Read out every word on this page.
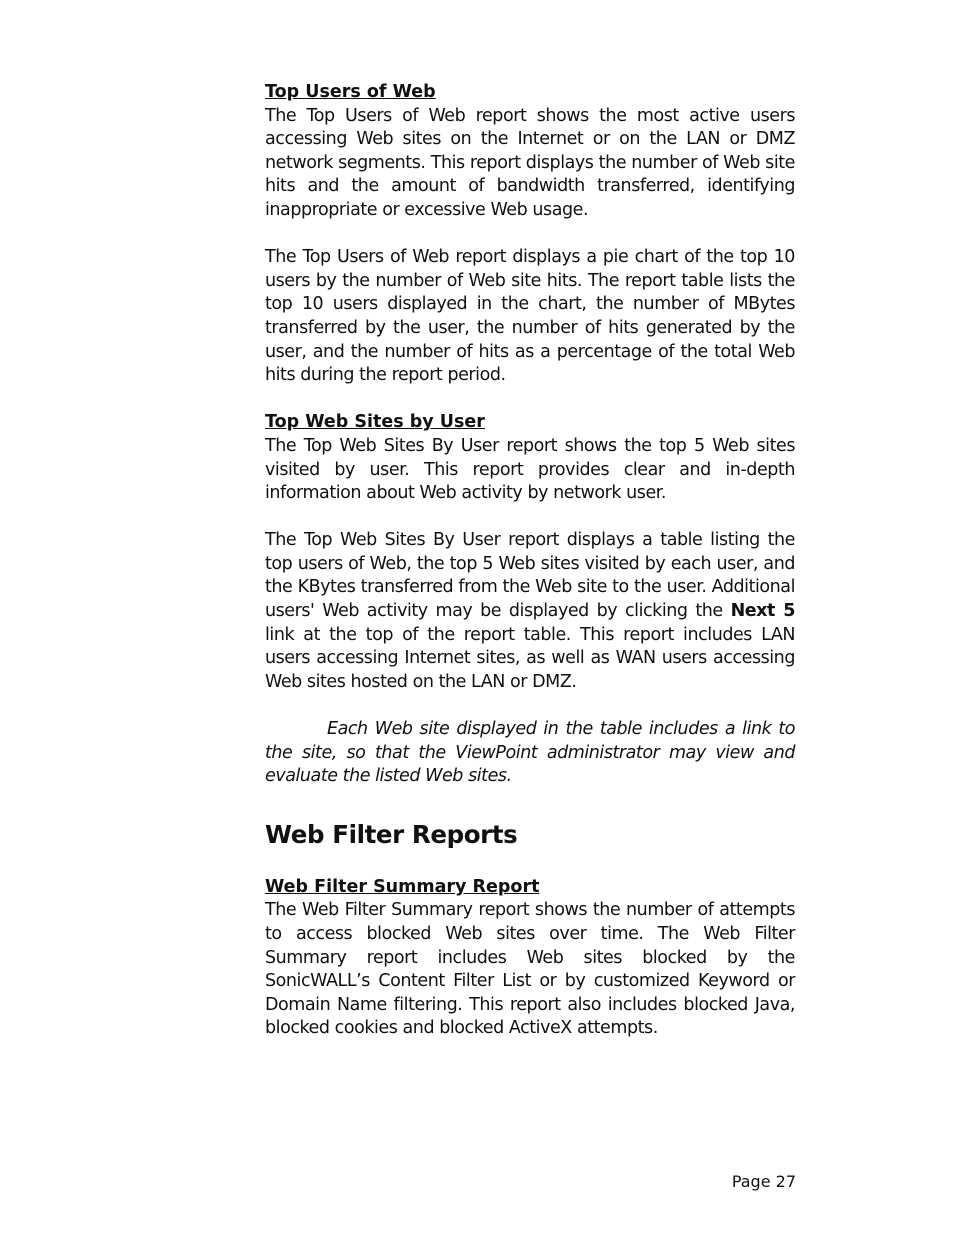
Top Users of Web

The Top Users of Web report shows the most active users accessing Web sites on the Internet or on the LAN or DMZ network segments. This report displays the number of Web site hits and the amount of bandwidth transferred, identifying inappropriate or excessive Web usage.

The Top Users of Web report displays a pie chart of the top 10 users by the number of Web site hits. The report table lists the top 10 users displayed in the chart, the number of MBytes transferred by the user, the number of hits generated by the user, and the number of hits as a percentage of the total Web hits during the report period.

Top Web Sites by User

The Top Web Sites By User report shows the top 5 Web sites visited by user. This report provides clear and in-depth information about Web activity by network user.

The Top Web Sites By User report displays a table listing the top users of Web, the top 5 Web sites visited by each user, and the KBytes transferred from the Web site to the user. Additional users' Web activity may be displayed by clicking the Next 5 link at the top of the report table. This report includes LAN users accessing Internet sites, as well as WAN users accessing Web sites hosted on the LAN or DMZ.

Each Web site displayed in the table includes a link to the site, so that the ViewPoint administrator may view and evaluate the listed Web sites.

Web Filter Reports

Web Filter Summary Report

The Web Filter Summary report shows the number of attempts to access blocked Web sites over time. The Web Filter Summary report includes Web sites blocked by the SonicWALL’s Content Filter List or by customized Keyword or Domain Name filtering. This report also includes blocked Java, blocked cookies and blocked ActiveX attempts.

Page 27
